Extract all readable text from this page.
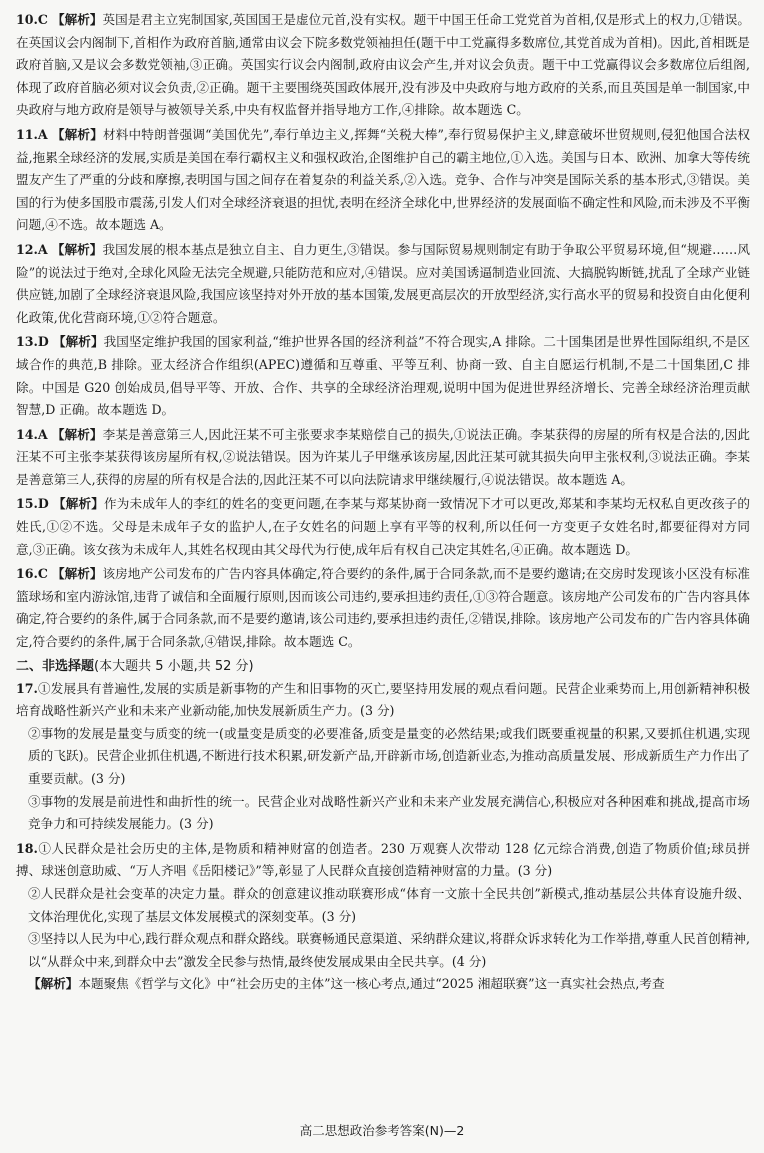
10.C 【解析】英国是君主立宪制国家,英国国王是虚位元首,没有实权。题干中国王任命工党党首为首相,仅是形式上的权力,①错误。在英国议会内阁制下,首相作为政府首脑,通常由议会下院多数党领袖担任(题干中工党赢得多数席位,其党首成为首相)。因此,首相既是政府首脑,又是议会多数党领袖,③正确。英国实行议会内阁制,政府由议会产生,并对议会负责。题干中工党赢得议会多数席位后组阁,体现了政府首脑必须对议会负责,②正确。题干主要围绕英国政体展开,没有涉及中央政府与地方政府的关系,而且英国是单一制国家,中央政府与地方政府是领导与被领导关系,中央有权监督并指导地方工作,④排除。故本题选 C。

11.A 【解析】材料中特朗普强调“美国优先”,奉行单边主义,挥舞“关税大棒”,奉行贸易保护主义,肆意破坏世贸规则,侵犯他国合法权益,拖累全球经济的发展,实质是美国在奉行霸权主义和强权政治,企图维护自己的霸主地位,①入选。美国与日本、欧洲、加拿大等传统盟友产生了严重的分歧和摩擦,表明国与国之间存在着复杂的利益关系,②入选。竞争、合作与冲突是国际关系的基本形式,③错误。美国的行为使多国股市震荡,引发人们对全球经济衰退的担忧,表明在经济全球化中,世界经济的发展面临不确定性和风险,而未涉及不平衡问题,④不选。故本题选 A。

12.A 【解析】我国发展的根本基点是独立自主、自力更生,③错误。参与国际贸易规则制定有助于争取公平贸易环境,但“规避……风险”的说法过于绝对,全球化风险无法完全规避,只能防范和应对,④错误。应对美国诱逼制造业回流、大搞脱钩断链,扰乱了全球产业链供应链,加剧了全球经济衰退风险,我国应该坚持对外开放的基本国策,发展更高层次的开放型经济,实行高水平的贸易和投资自由化便利化政策,优化营商环境,①②符合题意。

13.D 【解析】我国坚定维护我国的国家利益,“维护世界各国的经济利益”不符合现实,A 排除。二十国集团是世界性国际组织,不是区域合作的典范,B 排除。亚太经济合作组织(APEC)遵循和互尊重、平等互利、协商一致、自主自愿运行机制,不是二十国集团,C 排除。中国是 G20 创始成员,倡导平等、开放、合作、共享的全球经济治理观,说明中国为促进世界经济增长、完善全球经济治理贡献智慧,D 正确。故本题选 D。

14.A 【解析】李某是善意第三人,因此汪某不可主张要求李某赔偿自己的损失,①说法正确。李某获得的房屋的所有权是合法的,因此汪某不可主张李某获得该房屋所有权,②说法错误。因为许某儿子甲继承该房屋,因此汪某可就其损失向甲主张权利,③说法正确。李某是善意第三人,获得的房屋的所有权是合法的,因此汪某不可以向法院请求甲继续履行,④说法错误。故本题选 A。

15.D 【解析】作为未成年人的李红的姓名的变更问题,在李某与郑某协商一致情况下才可以更改,郑某和李某均无权私自更改孩子的姓氏,①②不选。父母是未成年子女的监护人,在子女姓名的问题上享有平等的权利,所以任何一方变更子女姓名时,都要征得对方同意,③正确。该女孩为未成年人,其姓名权现由其父母代为行使,成年后有权自己决定其姓名,④正确。故本题选 D。

16.C 【解析】该房地产公司发布的广告内容具体确定,符合要约的条件,属于合同条款,而不是要约邀请;在交房时发现该小区没有标准篮球场和室内游泳馆,违背了诚信和全面履行原则,因而该公司违约,要承担违约责任,①③符合题意。该房地产公司发布的广告内容具体确定,符合要约的条件,属于合同条款,而不是要约邀请,该公司违约,要承担违约责任,②错误,排除。该房地产公司发布的广告内容具体确定,符合要约的条件,属于合同条款,④错误,排除。故本题选 C。

二、非选择题(本大题共 5 小题,共 52 分)

17.①发展具有普遍性,发展的实质是新事物的产生和旧事物的灭亡,要坚持用发展的观点看问题。民营企业乘势而上,用创新精神积极培育战略性新兴产业和未来产业新动能,加快发展新质生产力。(3 分)

②事物的发展是量变与质变的统一(或量变是质变的必要准备,质变是量变的必然结果;或我们既要重视量的积累,又要抓住机遇,实现质的飞跃)。民营企业抓住机遇,不断进行技术积累,研发新产品,开辟新市场,创造新业态,为推动高质量发展、形成新质生产力作出了重要贡献。(3 分)

③事物的发展是前进性和曲折性的统一。民营企业对战略性新兴产业和未来产业发展充满信心,积极应对各种困难和挑战,提高市场竞争力和可持续发展能力。(3 分)

18.①人民群众是社会历史的主体,是物质和精神财富的创造者。230 万观赛人次带动 128 亿元综合消费,创造了物质价值;球员拼搏、球迷创意助威、“万人齐唱《岳阳楼记》”等,彰显了人民群众直接创造精神财富的力量。(3 分)

②人民群众是社会变革的决定力量。群众的创意建议推动联赛形成“体育一文旅十全民共创”新模式,推动基层公共体育设施升级、文体治理优化,实现了基层文体发展模式的深刻变革。(3 分)

③坚持以人民为中心,践行群众观点和群众路线。联赛畅通民意渠道、采纳群众建议,将群众诉求转化为工作举措,尊重人民首创精神,以“从群众中来,到群众中去”激发全民参与热情,最终使发展成果由全民共享。(4 分)

【解析】本题聚焦《哲学与文化》中“社会历史的主体”这一核心考点,通过“2025 湘超联赛”这一真实社会热点,考查

高二思想政治参考答案(N)—2
